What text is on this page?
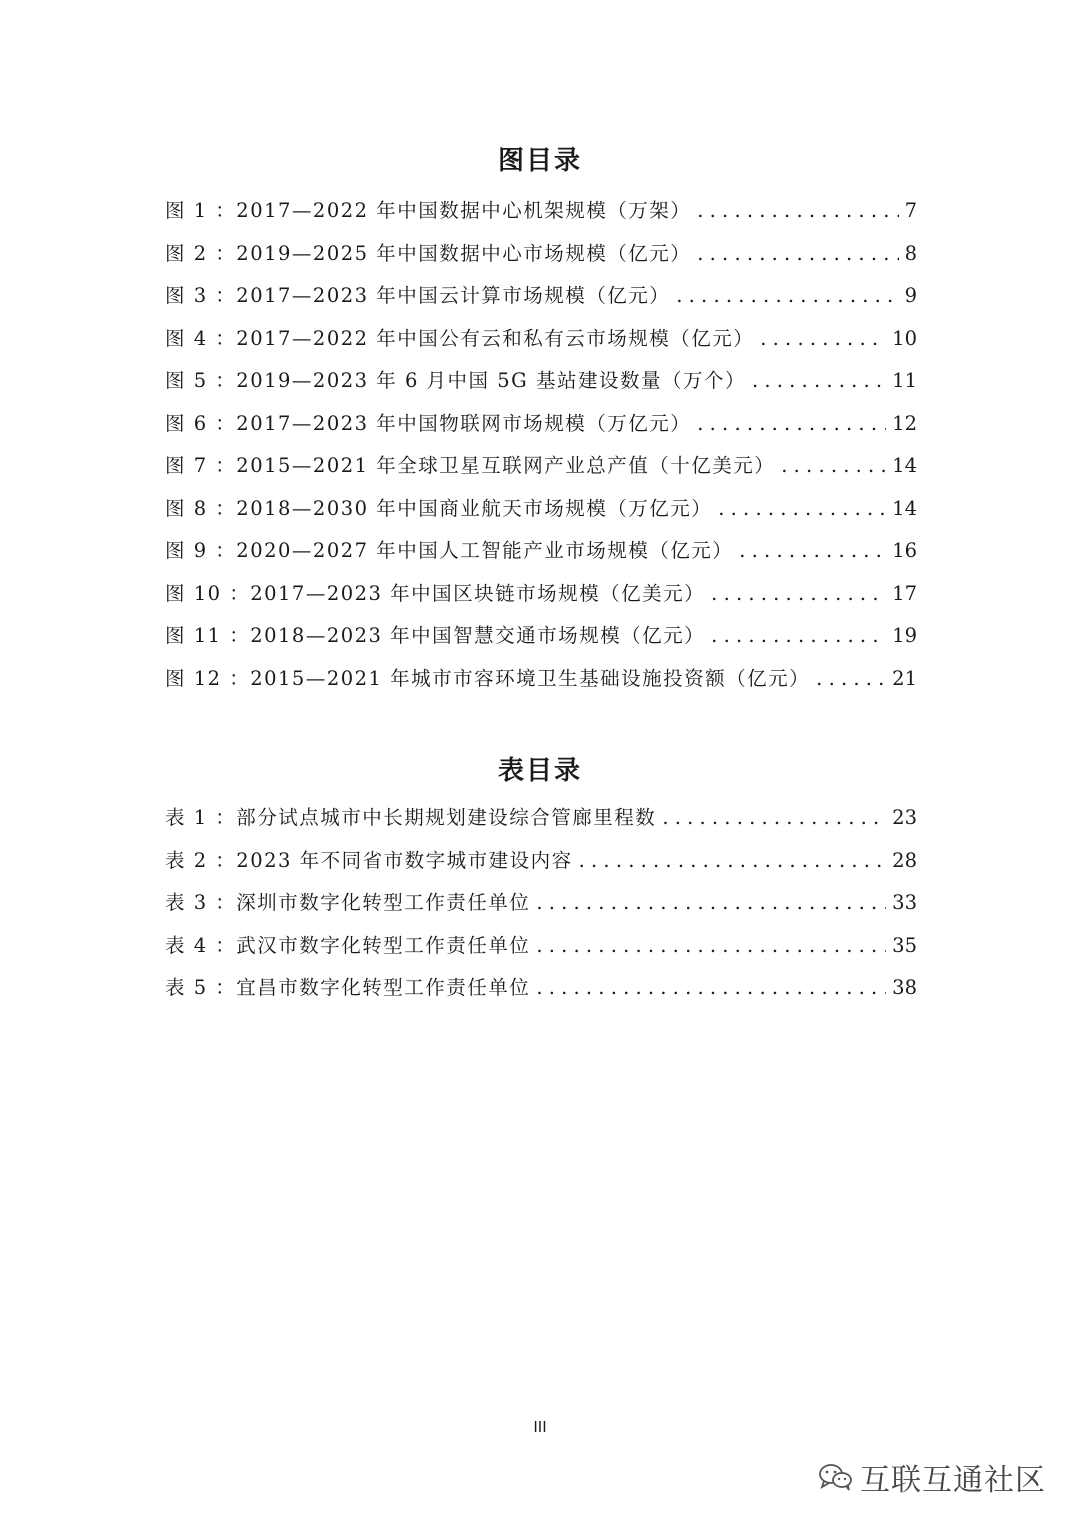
图目录
图 1 ：2017—2022 年中国数据中心机架规模（万架） . . .	7
图 2 ：2019—2025 年中国数据中心市场规模（亿元） . . .	8
图 3 ：2017—2023 年中国云计算市场规模（亿元） . . .	9
图 4 ：2017—2022 年中国公有云和私有云市场规模（亿元） . . .	10
图 5 ：2019—2023 年 6 月中国 5G 基站建设数量（万个） . . .	11
图 6 ：2017—2023 年中国物联网市场规模（万亿元） . . .	12
图 7 ：2015—2021 年全球卫星互联网产业总产值（十亿美元） . . .	14
图 8 ：2018—2030 年中国商业航天市场规模（万亿元） . . .	14
图 9 ：2020—2027 年中国人工智能产业市场规模（亿元） . . .	16
图 10 ：2017—2023 年中国区块链市场规模（亿美元） . . .	17
图 11 ：2018—2023 年中国智慧交通市场规模（亿元） . . .	19
图 12 ：2015—2021 年城市市容环境卫生基础设施投资额（亿元） . . .	21
表目录
表 1 ：部分试点城市中长期规划建设综合管廊里程数 . . .	23
表 2 ：2023 年不同省市数字城市建设内容 . . .	28
表 3 ：深圳市数字化转型工作责任单位 . . .	33
表 4 ：武汉市数字化转型工作责任单位 . . .	35
表 5 ：宜昌市数字化转型工作责任单位 . . .	38
III
互联互通社区
